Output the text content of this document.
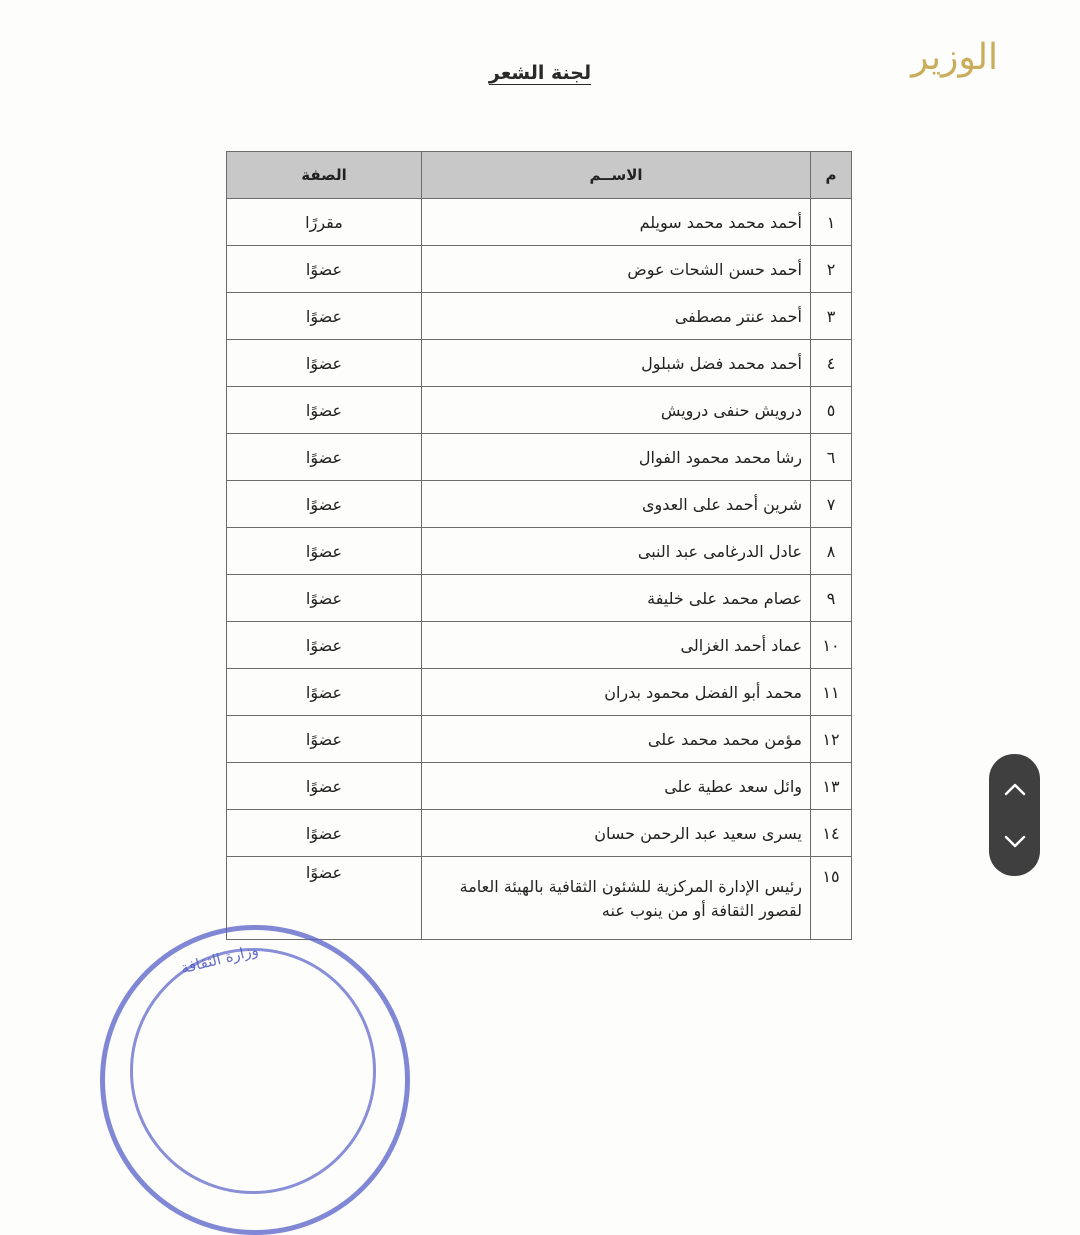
الوزير
لجنة الشعر
م	الاســم	الصفة
١	أحمد محمد محمد سويلم	مقررًا
٢	أحمد حسن الشحات عوض	عضوًا
٣	أحمد عنتر مصطفى	عضوًا
٤	أحمد محمد فضل شبلول	عضوًا
٥	درويش حنفى درويش	عضوًا
٦	رشا محمد محمود الفوال	عضوًا
٧	شرين أحمد على العدوى	عضوًا
٨	عادل الدرغامى عبد النبى	عضوًا
٩	عصام محمد على خليفة	عضوًا
١٠	عماد أحمد الغزالى	عضوًا
١١	محمد أبو الفضل محمود بدران	عضوًا
١٢	مؤمن محمد محمد على	عضوًا
١٣	وائل سعد عطية على	عضوًا
١٤	يسرى سعيد عبد الرحمن حسان	عضوًا
١٥	رئيس الإدارة المركزية للشئون الثقافية بالهيئة العامة لقصور الثقافة أو من ينوب عنه	عضوًا
وزارة الثقافة
